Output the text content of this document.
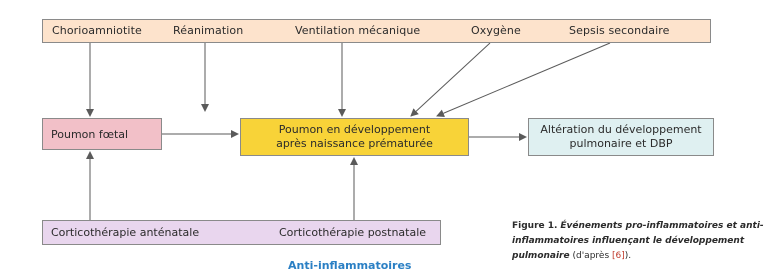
Chorioamniotite	Réanimation	Ventilation mécanique	Oxygène	Sepsis secondaire
Poumon fœtal	Poumon en développement
après naissance prématurée
Altération du développement
pulmonaire et DBP
Corticothérapie anténatale	Corticothérapie postnatale
Anti-inflammatoires
Figure 1. Événements pro-inflammatoires et anti-inflammatoires influençant le développement pulmonaire (d'après [6]).
